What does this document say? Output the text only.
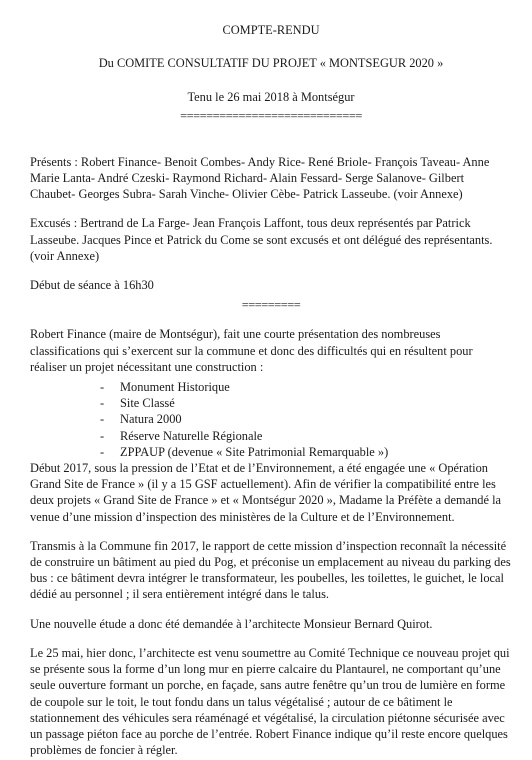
COMPTE-RENDU
Du COMITE CONSULTATIF DU PROJET « MONTSEGUR 2020 »
Tenu le 26 mai 2018 à Montségur
============================

Présents : Robert Finance- Benoit Combes- Andy Rice- René Briole- François Taveau- Anne Marie Lanta- André Czeski- Raymond Richard- Alain Fessard- Serge Salanove- Gilbert Chaubet- Georges Subra- Sarah Vinche- Olivier Cèbe- Patrick Lasseube. (voir Annexe)

Excusés : Bertrand de La Farge- Jean François Laffont, tous deux représentés par Patrick Lasseube. Jacques Pince et Patrick du Come se sont excusés et ont délégué des représentants. (voir Annexe)

Début de séance à 16h30

=========

Robert Finance (maire de Montségur), fait une courte présentation des nombreuses classifications qui s’exercent sur la commune et donc des difficultés qui en résultent pour réaliser un projet nécessitant une construction :

- Monument Historique
- Site Classé
- Natura 2000
- Réserve Naturelle Régionale
- ZPPAUP (devenue « Site Patrimonial Remarquable »)

Début 2017, sous la pression de l’Etat et de l’Environnement, a été engagée une « Opération Grand Site de France » (il y a 15 GSF actuellement). Afin de vérifier la compatibilité entre les deux projets « Grand Site de France » et « Montségur 2020 », Madame la Préfète a demandé la venue d’une mission d’inspection des ministères de la Culture et de l’Environnement.

Transmis à la Commune fin 2017, le rapport de cette mission d’inspection reconnaît la nécessité de construire un bâtiment au pied du Pog, et préconise un emplacement au niveau du parking des bus : ce bâtiment devra intégrer le transformateur, les poubelles, les toilettes, le guichet, le local dédié au personnel ; il sera entièrement intégré dans le talus.

Une nouvelle étude a donc été demandée à l’architecte Monsieur Bernard Quirot.

Le 25 mai, hier donc, l’architecte est venu soumettre au Comité Technique ce nouveau projet qui se présente sous la forme d’un long mur en pierre calcaire du Plantaurel, ne comportant qu’une seule ouverture formant un porche, en façade, sans autre fenêtre qu’un trou de lumière en forme de coupole sur le toit, le tout fondu dans un talus végétalisé ; autour de ce bâtiment le stationnement des véhicules sera réaménagé et végétalisé, la circulation piétonne sécurisée avec un passage piéton face au porche de l’entrée. Robert Finance indique qu’il reste encore quelques problèmes de foncier à régler.
